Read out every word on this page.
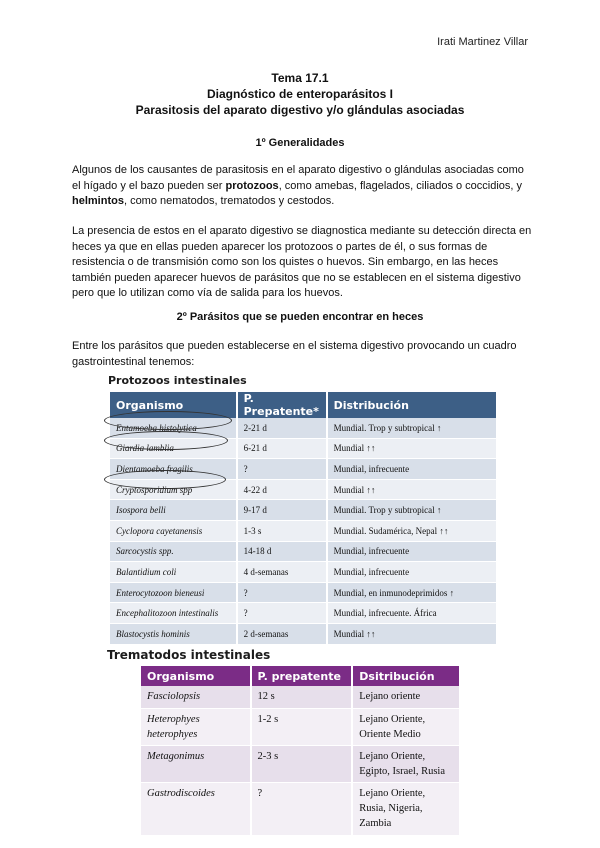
Irati Martinez Villar
Tema 17.1
Diagnóstico de enteroparásitos I
Parasitosis del aparato digestivo y/o glándulas asociadas
1º Generalidades

Algunos de los causantes de parasitosis en el aparato digestivo o glándulas asociadas como el hígado y el bazo pueden ser protozoos, como amebas, flagelados, ciliados o coccidios, y helmintos, como nematodos, trematodos y cestodos.

La presencia de estos en el aparato digestivo se diagnostica mediante su detección directa en heces ya que en ellas pueden aparecer los protozoos o partes de él, o sus formas de resistencia o de transmisión como son los quistes o huevos. Sin embargo, en las heces también pueden aparecer huevos de parásitos que no se establecen en el sistema digestivo pero que lo utilizan como vía de salida para los huevos.

2º Parásitos que se pueden encontrar en heces

Entre los parásitos que pueden establecerse en el sistema digestivo provocando un cuadro gastrointestinal tenemos:

Protozoos intestinales
Organismo	P. Prepatente*	Distribución
Entamoeba histolytica	2-21 d	Mundial. Trop y subtropical ↑
Giardia lamblia	6-21 d	Mundial ↑↑
Dientamoeba fragilis	?	Mundial, infrecuente
Cryptosporidium spp	4-22 d	Mundial ↑↑
Isospora belli	9-17 d	Mundial. Trop y subtropical ↑
Cyclopora cayetanensis	1-3 s	Mundial. Sudamérica, Nepal ↑↑
Sarcocystis spp.	14-18 d	Mundial, infrecuente
Balantidium coli	4 d-semanas	Mundial, infrecuente
Enterocytozoon bieneusi	?	Mundial, en inmunodeprimidos ↑
Encephalitozoon intestinalis	?	Mundial, infrecuente. África
Blastocystis hominis	2 d-semanas	Mundial ↑↑
Trematodos intestinales
Organismo	P. prepatente	Dsitribución
Fasciolopsis	12 s	Lejano oriente
Heterophyes heterophyes	1-2 s	Lejano Oriente, Oriente Medio
Metagonimus	2-3 s	Lejano Oriente, Egipto, Israel, Rusia
Gastrodiscoides	?	Lejano Oriente, Rusia, Nigeria, Zambia
